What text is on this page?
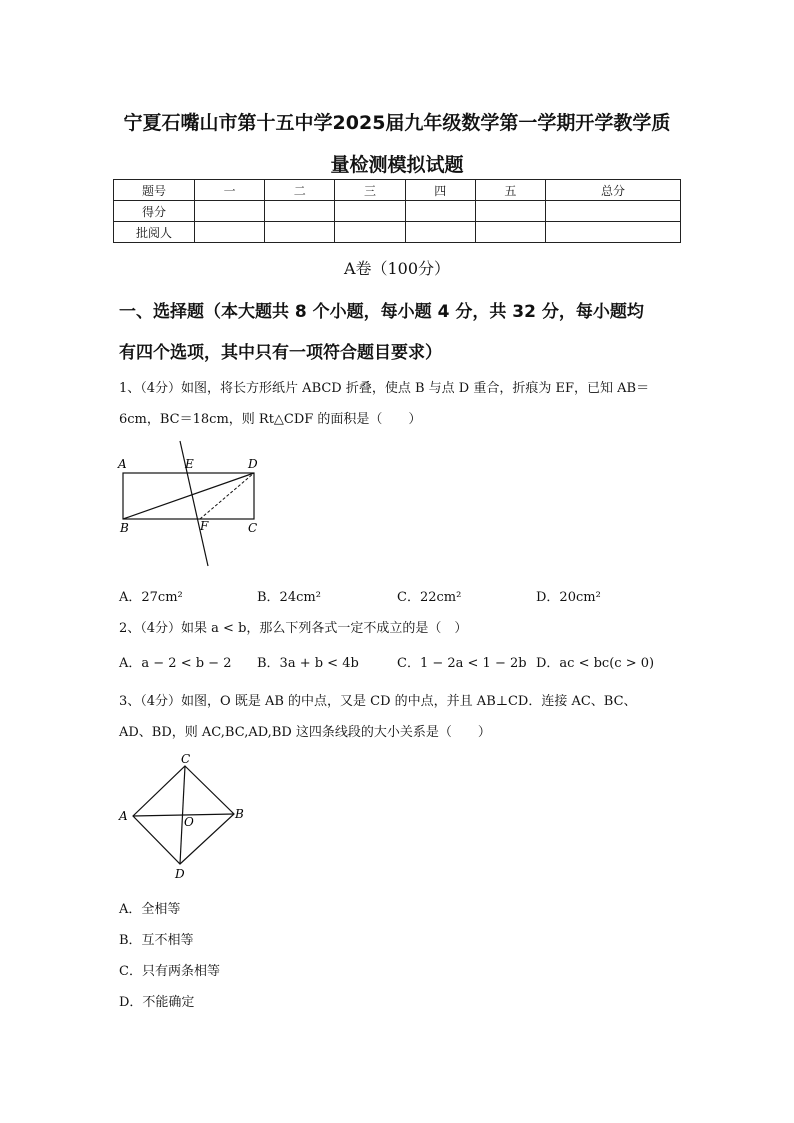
宁夏石嘴山市第十五中学2025届九年级数学第一学期开学教学质
量检测模拟试题
题号	一	二	三	四	五	总分
得分						
批阅人						
A卷（100分）
一、选择题（本大题共 8 个小题，每小题 4 分，共 32 分，每小题均
有四个选项，其中只有一项符合题目要求）
1、（4分）如图，将长方形纸片 ABCD 折叠，使点 B 与点 D 重合，折痕为 EF，已知 AB＝
6cm，BC＝18cm，则 Rt△CDF 的面积是（　　）
A	E	D
B	F	C
A．27cm²	B．24cm²	C．22cm²	D．20cm²
2、（4分）如果 a < b，那么下列各式一定不成立的是（　）
A．a − 2 < b − 2 B．3a + b < 4b	C．1 − 2a < 1 − 2b D．ac < bc(c > 0)
3、（4分）如图，O 既是 AB 的中点，又是 CD 的中点，并且 AB⊥CD．连接 AC、BC、
AD、BD，则 AC,BC,AD,BD 这四条线段的大小关系是（　　）
C
A	B
O
D
A．全相等
B．互不相等
C．只有两条相等
D．不能确定
